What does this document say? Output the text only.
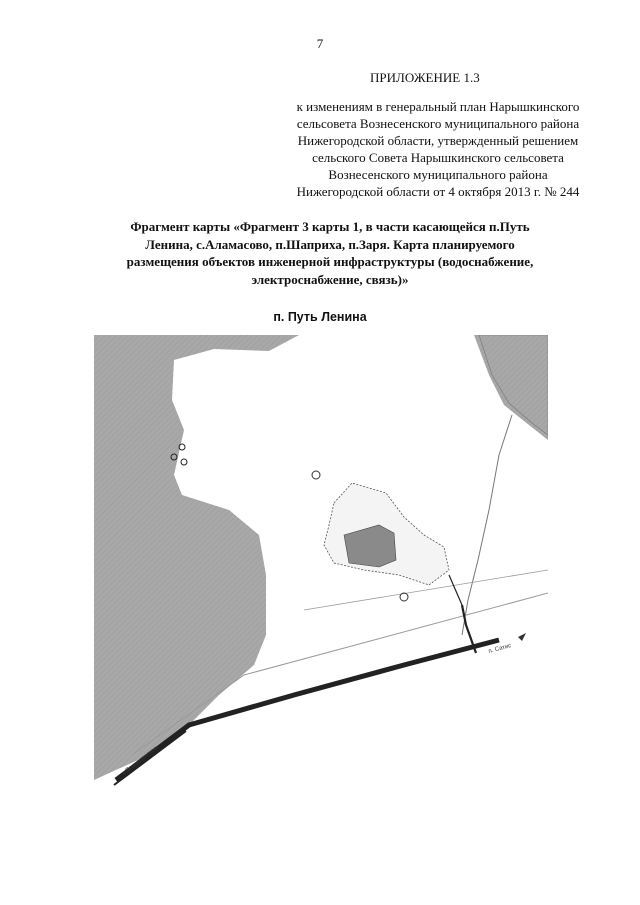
7
ПРИЛОЖЕНИЕ 1.3
к изменениям в генеральный план Нарышкинского
сельсовета Вознесенского муниципального района
Нижегородской области, утвержденный решением
сельского Совета Нарышкинского сельсовета
Вознесенского муниципального района
Нижегородской области от 4 октября 2013 г. № 244
Фрагмент карты «Фрагмент 3 карты 1, в части касающейся п.Путь
Ленина, с.Аламасово, п.Шаприха, п.Заря. Карта планируемого
размещения объектов инженерной инфраструктуры (водоснабжение,
электроснабжение, связь)»
п. Путь Ленина
к Вознесенское
п. Сатис
